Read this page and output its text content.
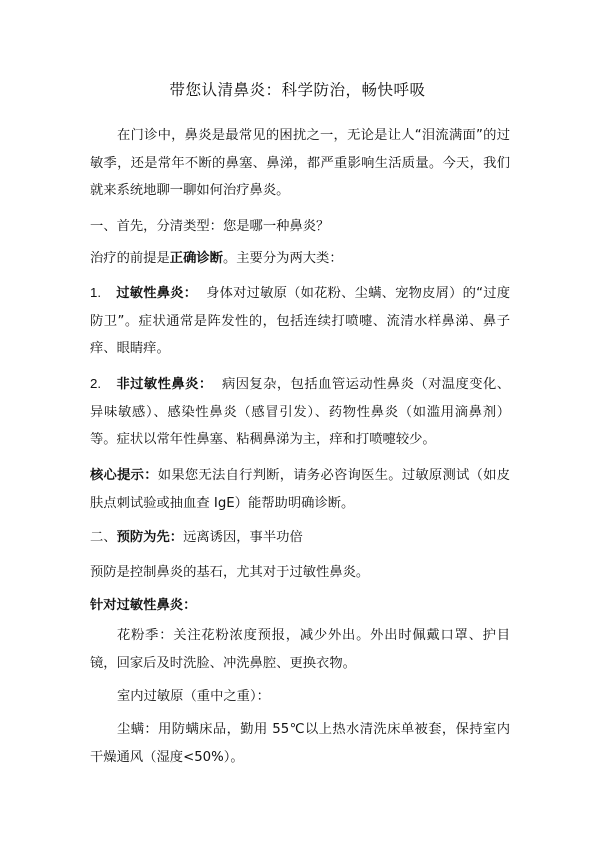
带您认清鼻炎：科学防治，畅快呼吸

在门诊中，鼻炎是最常见的困扰之一，无论是让人“泪流满面”的过敏季，还是常年不断的鼻塞、鼻涕，都严重影响生活质量。今天，我们就来系统地聊一聊如何治疗鼻炎。

一、首先，分清类型：您是哪一种鼻炎？

治疗的前提是正确诊断。主要分为两大类：

1. 过敏性鼻炎： 身体对过敏原（如花粉、尘螨、宠物皮屑）的“过度防卫”。症状通常是阵发性的，包括连续打喷嚏、流清水样鼻涕、鼻子痒、眼睛痒。

2. 非过敏性鼻炎： 病因复杂，包括血管运动性鼻炎（对温度变化、异味敏感）、感染性鼻炎（感冒引发）、药物性鼻炎（如滥用滴鼻剂）等。症状以常年性鼻塞、粘稠鼻涕为主，痒和打喷嚏较少。

核心提示：如果您无法自行判断，请务必咨询医生。过敏原测试（如皮肤点刺试验或抽血查 IgE）能帮助明确诊断。

二、预防为先：远离诱因，事半功倍

预防是控制鼻炎的基石，尤其对于过敏性鼻炎。

针对过敏性鼻炎：

花粉季：关注花粉浓度预报，减少外出。外出时佩戴口罩、护目镜，回家后及时洗脸、冲洗鼻腔、更换衣物。

室内过敏原（重中之重）：

尘螨：用防螨床品，勤用 55℃以上热水清洗床单被套，保持室内干燥通风（湿度<50%）。
